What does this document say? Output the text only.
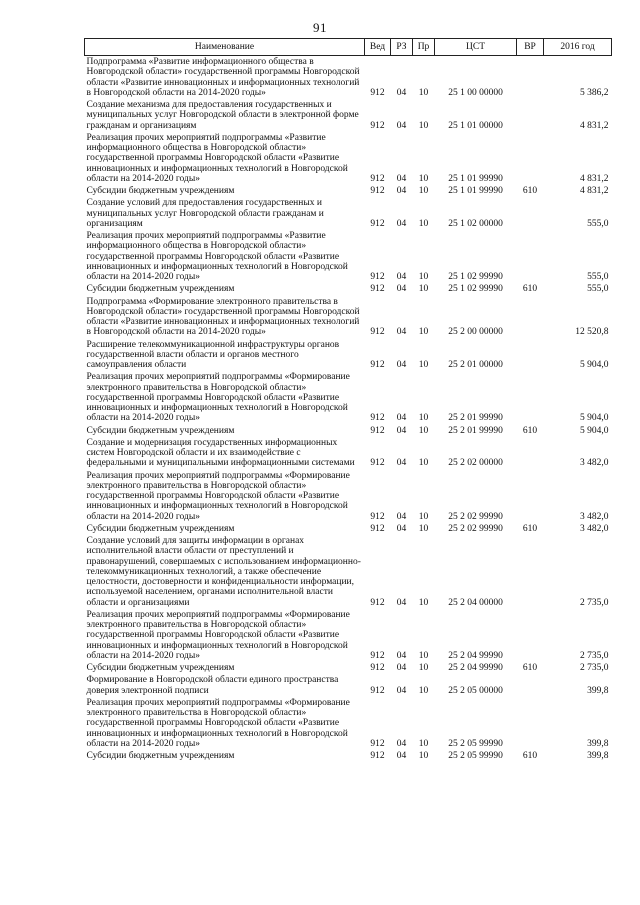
91
Наименование	Вед	РЗ	Пр	ЦСТ	ВР	2016 год
Подпрограмма «Развитие информационного общества в Новгородской области» государственной программы Новгородской области «Развитие инновационных и информационных технологий в Новгородской области на 2014-2020 годы»	912	04	10	25 1 00 00000		5 386,2
Создание механизма для предоставления государственных и муниципальных услуг Новгородской области в электронной форме гражданам и организациям	912	04	10	25 1 01 00000		4 831,2
Реализация прочих мероприятий подпрограммы «Развитие информационного общества в Новгородской области» государственной программы Новгородской области «Развитие инновационных и информационных технологий в Новгородской области на 2014-2020 годы»	912	04	10	25 1 01 99990		4 831,2
Субсидии бюджетным учреждениям	912	04	10	25 1 01 99990	610	4 831,2
Создание условий для предоставления государственных и муниципальных услуг Новгородской области гражданам и организациям	912	04	10	25 1 02 00000		555,0
Реализация прочих мероприятий подпрограммы «Развитие информационного общества в Новгородской области» государственной программы Новгородской области «Развитие инновационных и информационных технологий в Новгородской области на 2014-2020 годы»	912	04	10	25 1 02 99990		555,0
Субсидии бюджетным учреждениям	912	04	10	25 1 02 99990	610	555,0
Подпрограмма «Формирование электронного правительства в Новгородской области» государственной программы Новгородской области «Развитие инновационных и информационных технологий в Новгородской области на 2014-2020 годы»	912	04	10	25 2 00 00000		12 520,8
Расширение телекоммуникационной инфраструктуры органов государственной власти области и органов местного самоуправления области	912	04	10	25 2 01 00000		5 904,0
Реализация прочих мероприятий подпрограммы «Формирование электронного правительства в Новгородской области» государственной программы Новгородской области «Развитие инновационных и информационных технологий в Новгородской области на 2014-2020 годы»	912	04	10	25 2 01 99990		5 904,0
Субсидии бюджетным учреждениям	912	04	10	25 2 01 99990	610	5 904,0
Создание и модернизация государственных информационных систем Новгородской области и их взаимодействие с федеральными и муниципальными информационными системами	912	04	10	25 2 02 00000		3 482,0
Реализация прочих мероприятий подпрограммы «Формирование электронного правительства в Новгородской области» государственной программы Новгородской области «Развитие инновационных и информационных технологий в Новгородской области на 2014-2020 годы»	912	04	10	25 2 02 99990		3 482,0
Субсидии бюджетным учреждениям	912	04	10	25 2 02 99990	610	3 482,0
Создание условий для защиты информации в органах исполнительной власти области от преступлений и правонарушений, совершаемых с использованием информационно-телекоммуникационных технологий, а также обеспечение целостности, достоверности и конфиденциальности информации, используемой населением, органами исполнительной власти области и организациями	912	04	10	25 2 04 00000		2 735,0
Реализация прочих мероприятий подпрограммы «Формирование электронного правительства в Новгородской области» государственной программы Новгородской области «Развитие инновационных и информационных технологий в Новгородской области на 2014-2020 годы»	912	04	10	25 2 04 99990		2 735,0
Субсидии бюджетным учреждениям	912	04	10	25 2 04 99990	610	2 735,0
Формирование в Новгородской области единого пространства доверия электронной подписи	912	04	10	25 2 05 00000		399,8
Реализация прочих мероприятий подпрограммы «Формирование электронного правительства в Новгородской области» государственной программы Новгородской области «Развитие инновационных и информационных технологий в Новгородской области на 2014-2020 годы»	912	04	10	25 2 05 99990		399,8
Субсидии бюджетным учреждениям	912	04	10	25 2 05 99990	610	399,8
